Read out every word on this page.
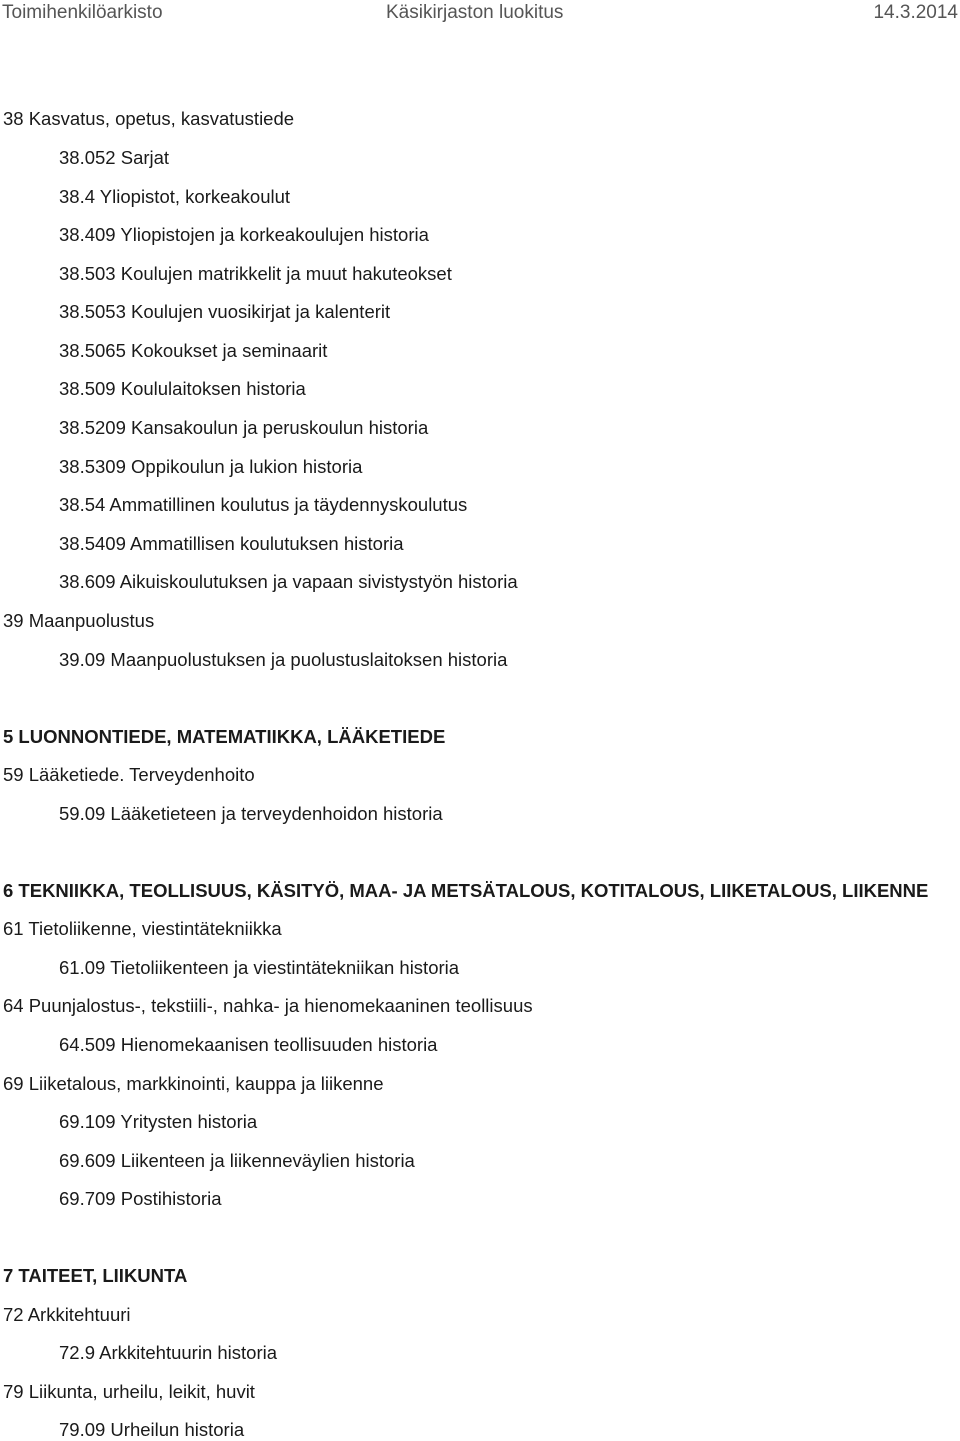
Toimihenkilöarkisto	Käsikirjaston luokitus	14.3.2014
38 Kasvatus, opetus, kasvatustiede
38.052 Sarjat
38.4 Yliopistot, korkeakoulut
38.409 Yliopistojen ja korkeakoulujen historia
38.503 Koulujen matrikkelit ja muut hakuteokset
38.5053 Koulujen vuosikirjat ja kalenterit
38.5065 Kokoukset ja seminaarit
38.509 Koululaitoksen historia
38.5209 Kansakoulun ja peruskoulun historia
38.5309 Oppikoulun ja lukion historia
38.54 Ammatillinen koulutus ja täydennyskoulutus
38.5409 Ammatillisen koulutuksen historia
38.609 Aikuiskoulutuksen ja vapaan sivistystyön historia
39 Maanpuolustus
39.09 Maanpuolustuksen ja puolustuslaitoksen historia
5 LUONNONTIEDE, MATEMATIIKKA, LÄÄKETIEDE
59 Lääketiede. Terveydenhoito
59.09 Lääketieteen ja terveydenhoidon historia
6 TEKNIIKKA, TEOLLISUUS, KÄSITYÖ, MAA- JA METSÄTALOUS, KOTITALOUS, LIIKETALOUS, LIIKENNE
61 Tietoliikenne, viestintätekniikka
61.09 Tietoliikenteen ja viestintätekniikan historia
64 Puunjalostus-, tekstiili-, nahka- ja hienomekaaninen teollisuus
64.509 Hienomekaanisen teollisuuden historia
69 Liiketalous, markkinointi, kauppa ja liikenne
69.109 Yritysten historia
69.609 Liikenteen ja liikenneväylien historia
69.709 Postihistoria
7 TAITEET, LIIKUNTA
72 Arkkitehtuuri
72.9 Arkkitehtuurin historia
79 Liikunta, urheilu, leikit, huvit
79.09 Urheilun historia
